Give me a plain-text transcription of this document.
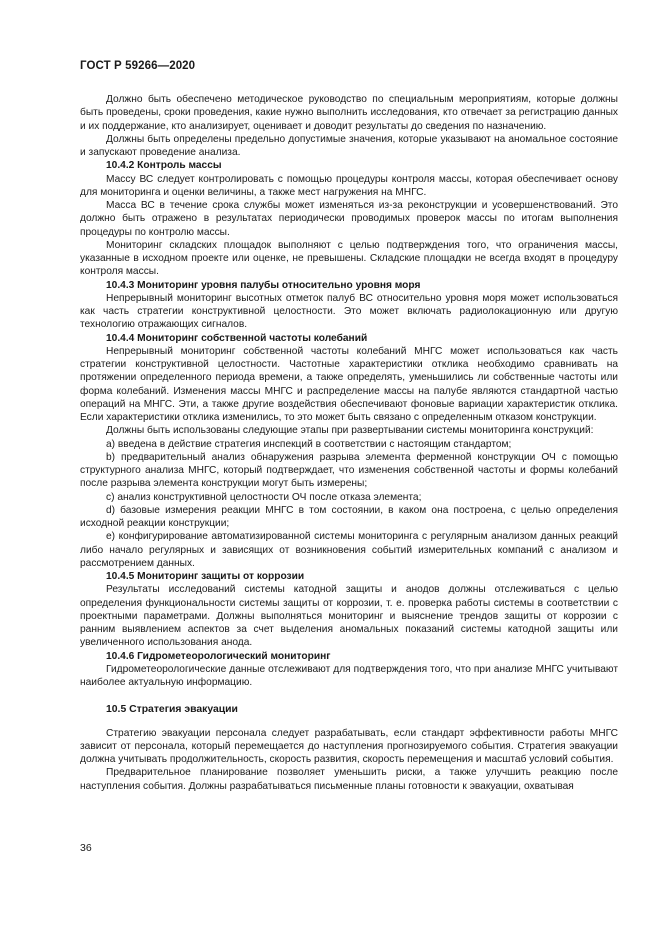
ГОСТ Р 59266—2020

Должно быть обеспечено методическое руководство по специальным мероприятиям, которые должны быть проведены, сроки проведения, какие нужно выполнить исследования, кто отвечает за регистрацию данных и их поддержание, кто анализирует, оценивает и доводит результаты до сведения по назначению.

Должны быть определены предельно допустимые значения, которые указывают на аномальное состояние и запускают проведение анализа.

10.4.2 Контроль массы

Массу ВС следует контролировать с помощью процедуры контроля массы, которая обеспечивает основу для мониторинга и оценки величины, а также мест нагружения на МНГС.

Масса ВС в течение срока службы может изменяться из-за реконструкции и усовершенствований. Это должно быть отражено в результатах периодически проводимых проверок массы по итогам выполнения процедуры по контролю массы.

Мониторинг складских площадок выполняют с целью подтверждения того, что ограничения массы, указанные в исходном проекте или оценке, не превышены. Складские площадки не всегда входят в процедуру контроля массы.

10.4.3 Мониторинг уровня палубы относительно уровня моря

Непрерывный мониторинг высотных отметок палуб ВС относительно уровня моря может использоваться как часть стратегии конструктивной целостности. Это может включать радиолокационную или другую технологию отражающих сигналов.

10.4.4 Мониторинг собственной частоты колебаний

Непрерывный мониторинг собственной частоты колебаний МНГС может использоваться как часть стратегии конструктивной целостности. Частотные характеристики отклика необходимо сравнивать на протяжении определенного периода времени, а также определять, уменьшились ли собственные частоты или форма колебаний. Изменения массы МНГС и распределение массы на палубе являются стандартной частью операций на МНГС. Эти, а также другие воздействия обеспечивают фоновые вариации характеристик отклика. Если характеристики отклика изменились, то это может быть связано с определенным отказом конструкции.

Должны быть использованы следующие этапы при развертывании системы мониторинга конструкций:

a) введена в действие стратегия инспекций в соответствии с настоящим стандартом;

b) предварительный анализ обнаружения разрыва элемента ферменной конструкции ОЧ с помощью структурного анализа МНГС, который подтверждает, что изменения собственной частоты и формы колебаний после разрыва элемента конструкции могут быть измерены;

c) анализ конструктивной целостности ОЧ после отказа элемента;

d) базовые измерения реакции МНГС в том состоянии, в каком она построена, с целью определения исходной реакции конструкции;

e) конфигурирование автоматизированной системы мониторинга с регулярным анализом данных реакций либо начало регулярных и зависящих от возникновения событий измерительных компаний с анализом и рассмотрением данных.

10.4.5 Мониторинг защиты от коррозии

Результаты исследований системы катодной защиты и анодов должны отслеживаться с целью определения функциональности системы защиты от коррозии, т. е. проверка работы системы в соответствии с проектными параметрами. Должны выполняться мониторинг и выяснение трендов защиты от коррозии с ранним выявлением аспектов за счет выделения аномальных показаний системы катодной защиты или увеличенного использования анода.

10.4.6 Гидрометеорологический мониторинг

Гидрометеорологические данные отслеживают для подтверждения того, что при анализе МНГС учитывают наиболее актуальную информацию.

10.5 Стратегия эвакуации

Стратегию эвакуации персонала следует разрабатывать, если стандарт эффективности работы МНГС зависит от персонала, который перемещается до наступления прогнозируемого события. Стратегия эвакуации должна учитывать продолжительность, скорость развития, скорость перемещения и масштаб условий события.

Предварительное планирование позволяет уменьшить риски, а также улучшить реакцию после наступления события. Должны разрабатываться письменные планы готовности к эвакуации, охватывая

36
